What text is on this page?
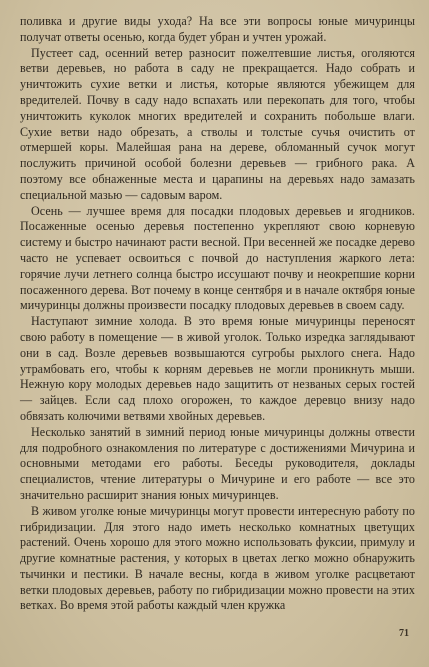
поливка и другие виды ухода? На все эти вопросы юные мичуринцы получат ответы осенью, когда будет убран и учтен урожай.

Пустеет сад, осенний ветер разносит пожелтевшие листья, оголяются ветви деревьев, но работа в саду не прекращается. Надо собрать и уничтожить сухие ветки и листья, которые являются убежищем для вредителей. Почву в саду надо вспахать или перекопать для того, чтобы уничтожить куколок многих вредителей и сохранить побольше влаги. Сухие ветви надо обрезать, а стволы и толстые сучья очистить от отмершей коры. Малейшая рана на дереве, обломанный сучок могут послужить причиной особой болезни деревьев — грибного рака. А поэтому все обнаженные места и царапины на деревьях надо замазать специальной мазью — садовым варом.

Осень — лучшее время для посадки плодовых деревьев и ягодников. Посаженные осенью деревья постепенно укрепляют свою корневую систему и быстро начинают расти весной. При весенней же посадке дерево часто не успевает освоиться с почвой до наступления жаркого лета: горячие лучи летнего солнца быстро иссушают почву и неокрепшие корни посаженного дерева. Вот почему в конце сентября и в начале октября юные мичуринцы должны произвести посадку плодовых деревьев в своем саду.

Наступают зимние холода. В это время юные мичуринцы переносят свою работу в помещение — в живой уголок. Только изредка заглядывают они в сад. Возле деревьев возвышаются сугробы рыхлого снега. Надо утрамбовать его, чтобы к корням деревьев не могли проникнуть мыши. Нежную кору молодых деревьев надо защитить от незваных серых гостей — зайцев. Если сад плохо огорожен, то каждое деревцо внизу надо обвязать колючими ветвями хвойных деревьев.

Несколько занятий в зимний период юные мичуринцы должны отвести для подробного ознакомления по литературе с достижениями Мичурина и основными методами его работы. Беседы руководителя, доклады специалистов, чтение литературы о Мичурине и его работе — все это значительно расширит знания юных мичуринцев.

В живом уголке юные мичуринцы могут провести интересную работу по гибридизации. Для этого надо иметь несколько комнатных цветущих растений. Очень хорошо для этого можно использовать фуксии, примулу и другие комнатные растения, у которых в цветах легко можно обнаружить тычинки и пестики. В начале весны, когда в живом уголке расцветают ветки плодовых деревьев, работу по гибридизации можно провести на этих ветках. Во время этой работы каждый член кружка

71
